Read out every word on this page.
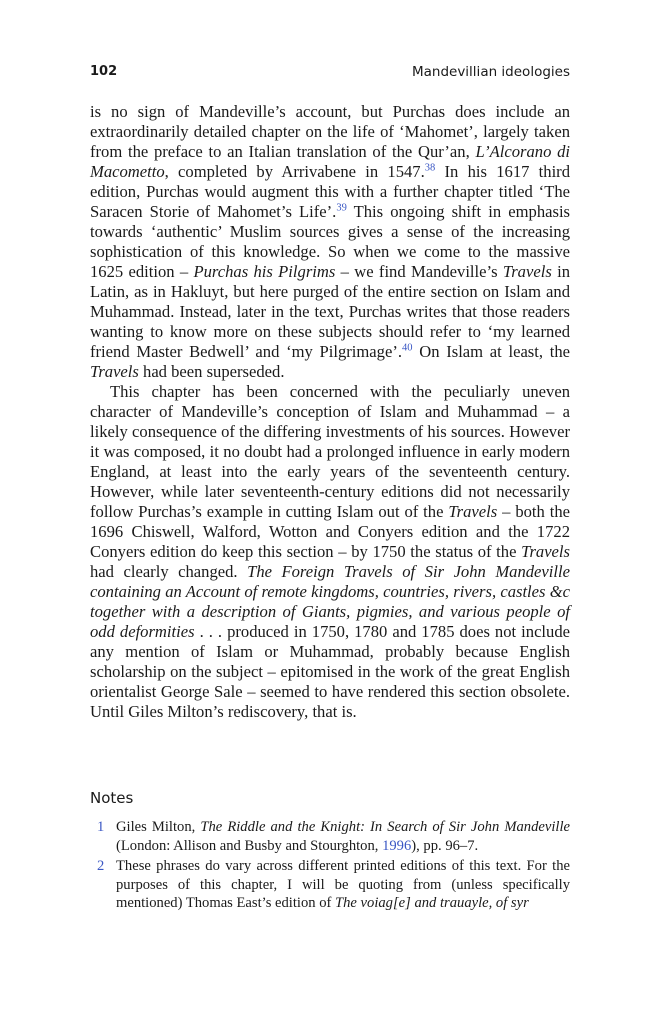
102	Mandevillian ideologies

is no sign of Mandeville’s account, but Purchas does include an extraordinarily detailed chapter on the life of ‘Mahomet’, largely taken from the preface to an Italian translation of the Qur’an, L’Alcorano di Macometto, completed by Arrivabene in 1547.38 In his 1617 third edition, Purchas would augment this with a further chapter titled ‘The Saracen Storie of Mahomet’s Life’.$^{39}$ This ongoing shift in emphasis towards ‘authentic’ Muslim sources gives a sense of the increasing sophistication of this knowledge. So when we come to the massive 1625 edition – Purchas his Pilgrims – we find Mandeville’s Travels in Latin, as in Hakluyt, but here purged of the entire section on Islam and Muhammad. Instead, later in the text, Purchas writes that those readers wanting to know more on these subjects should refer to ‘my learned friend Master Bedwell’ and ‘my Pilgrimage’.$^{40}$ On Islam at least, the Travels had been superseded.

This chapter has been concerned with the peculiarly uneven character of Mandeville’s conception of Islam and Muhammad – a likely consequence of the differing investments of his sources. However it was composed, it no doubt had a prolonged influence in early modern England, at least into the early years of the seventeenth century. However, while later seventeenth-century editions did not necessarily follow Purchas’s example in cutting Islam out of the Travels – both the 1696 Chiswell, Walford, Wotton and Conyers edition and the 1722 Conyers edition do keep this section – by 1750 the status of the Travels had clearly changed. The Foreign Travels of Sir John Mandeville containing an Account of remote kingdoms, countries, rivers, castles &c together with a description of Giants, pigmies, and various people of odd deformities . . . produced in 1750, 1780 and 1785 does not include any mention of Islam or Muhammad, probably because English scholarship on the subject – epitomised in the work of the great English orientalist George Sale – seemed to have rendered this section obsolete. Until Giles Milton’s rediscovery, that is.

Notes
1 Giles Milton, The Riddle and the Knight: In Search of Sir John Mandeville (London: Allison and Busby and Stourghton, 1996), pp. 96–7.
2 These phrases do vary across different printed editions of this text. For the purposes of this chapter, I will be quoting from (unless specifically mentioned) Thomas East’s edition of The voiag[e] and trauayle, of syr
